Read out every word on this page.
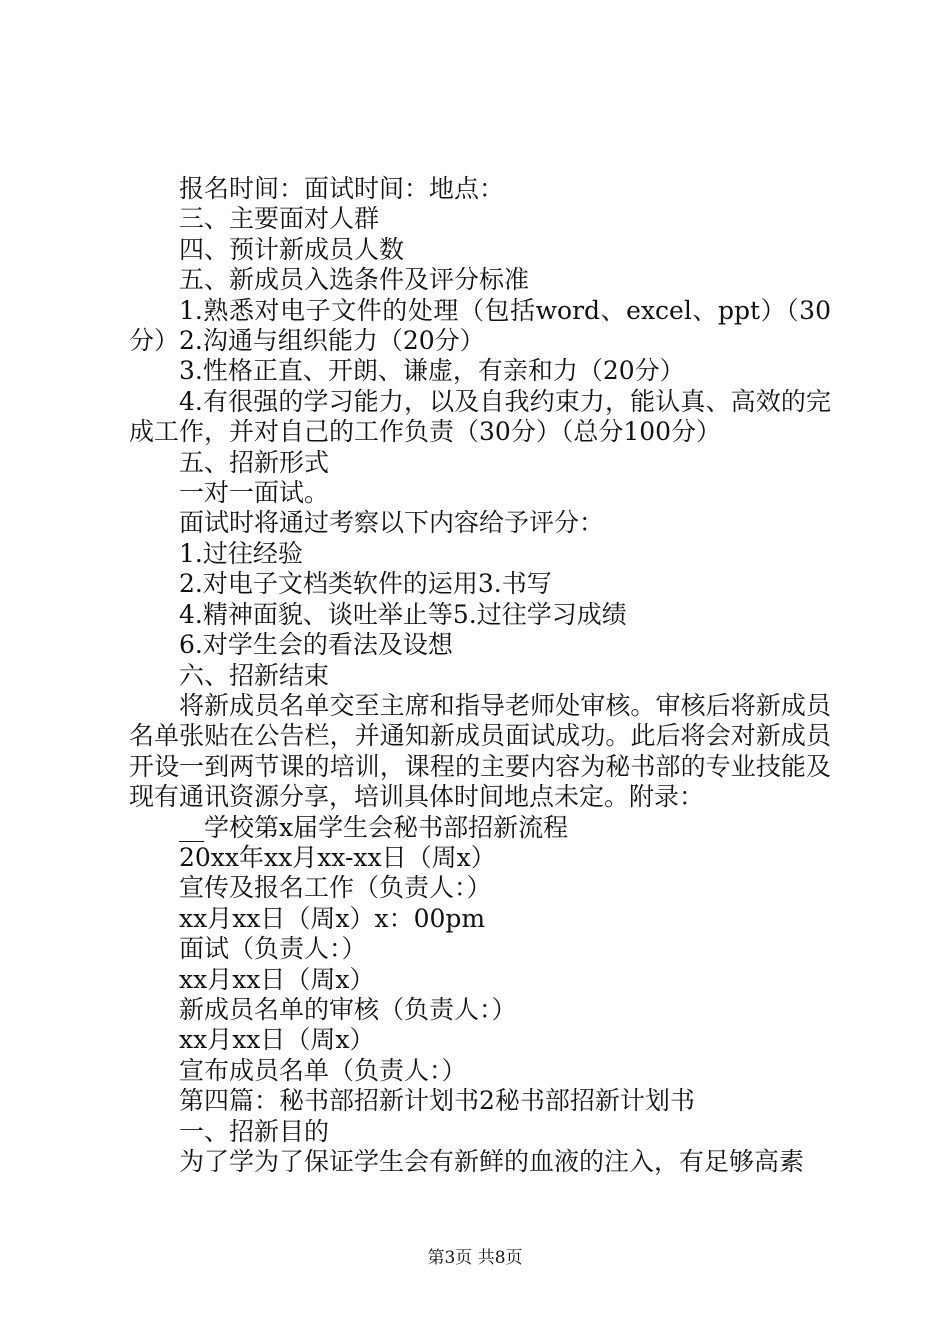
报名时间：面试时间：地点：

三、主要面对人群

四、预计新成员人数

五、新成员入选条件及评分标准

1.熟悉对电子文件的处理（包括word、excel、ppt）（30分）2.沟通与组织能力（20分）

3.性格正直、开朗、谦虚，有亲和力（20分）

4.有很强的学习能力，以及自我约束力，能认真、高效的完成工作，并对自己的工作负责（30分）（总分100分）

五、招新形式

一对一面试。

面试时将通过考察以下内容给予评分：

1.过往经验

2.对电子文档类软件的运用3.书写

4.精神面貌、谈吐举止等5.过往学习成绩

6.对学生会的看法及设想

六、招新结束

将新成员名单交至主席和指导老师处审核。审核后将新成员名单张贴在公告栏，并通知新成员面试成功。此后将会对新成员开设一到两节课的培训，课程的主要内容为秘书部的专业技能及现有通讯资源分享，培训具体时间地点未定。附录：

__学校第x届学生会秘书部招新流程

20xx年xx月xx-xx日（周x）

宣传及报名工作（负责人：）

xx月xx日（周x）x：00pm

面试（负责人：）

xx月xx日（周x）

新成员名单的审核（负责人：）

xx月xx日（周x）

宣布成员名单（负责人：）

第四篇：秘书部招新计划书2秘书部招新计划书

一、招新目的

为了学为了保证学生会有新鲜的血液的注入，有足够高素

第3页 共8页
